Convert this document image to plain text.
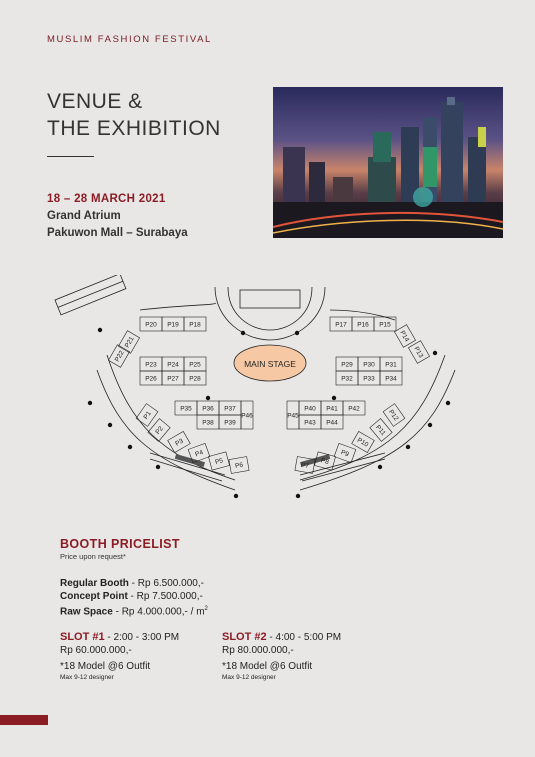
MUSLIM FASHION FESTIVAL
VENUE &
THE EXHIBITION
18 – 28 MARCH 2021
Grand Atrium
Pakuwon Mall – Surabaya
MAIN STAGE
P1
P2
P3
P4
P5 P6	P7 P8
P9
P10
P11
P12
P13
P14
P15
P16
P17
P18
P19
P20
P21
P22
P23 P24 P25
P26 P27 P28
P29 P30 P31
P32 P33 P34
P35 P36 P37
P38 P39
P40 P41 P42
P43 P44
P45
P46
BOOTH PRICELIST
Price upon request*
Regular Booth - Rp 6.500.000,-
Concept Point - Rp 7.500.000,-
Raw Space - Rp $4.000.000,- / m^2$
SLOT #1 - 2:00 - 3:00 PM
Rp 60.000.000,-
*18 Model @6 Outfit
Max 9-12 designer
SLOT #2 - 4:00 - 5:00 PM
Rp 80.000.000,-
*18 Model @6 Outfit
Max 9-12 designer
